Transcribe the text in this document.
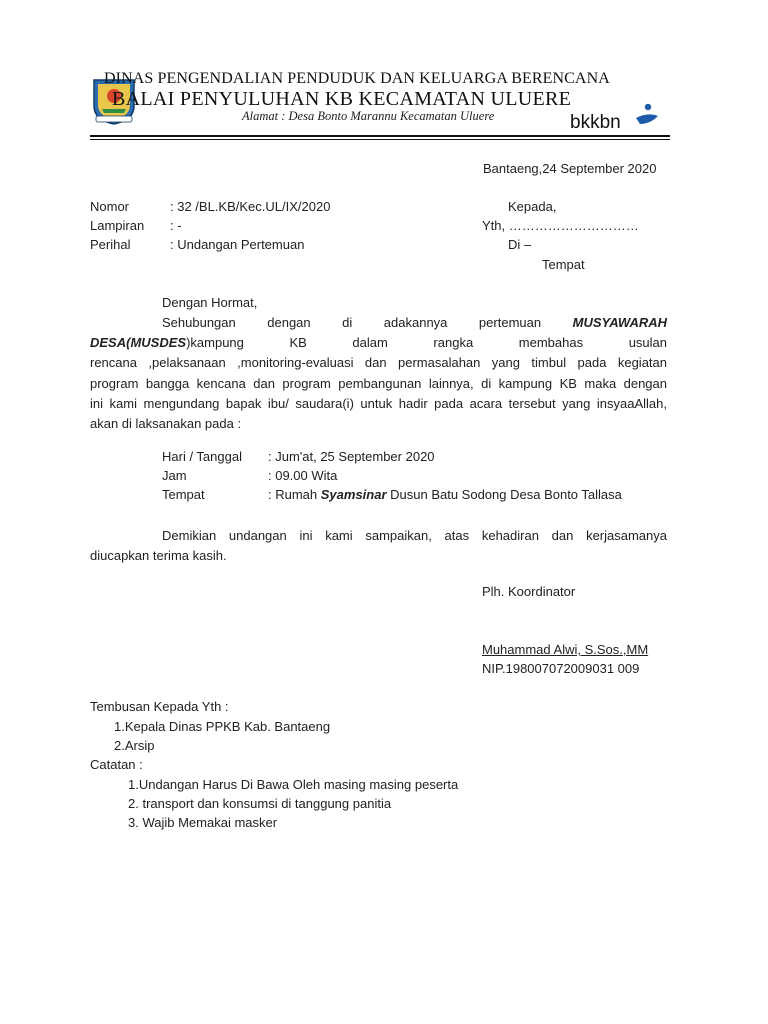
DINAS PENGENDALIAN PENDUDUK DAN KELUARGA BERENCANA
BALAI PENYULUHAN KB KECAMATAN ULUERE
Alamat : Desa Bonto Marannu Kecamatan Uluere	bkkbn
Bantaeng,24 September 2020
Nomor	: 32 /BL.KB/Kec.UL/IX/2020
Lampiran : -
Perihal	: Undangan Pertemuan
Kepada,
Yth, …………………………
Di –
Tempat
Dengan Hormat,
Sehubungan dengan di adakannya pertemuan MUSYAWARAH
DESA(MUSDES)kampung KB dalam rangka membahas usulan
rencana ,pelaksanaan ,monitoring-evaluasi dan permasalahan yang timbul pada kegiatan
program bangga kencana dan program pembangunan lainnya, di kampung KB maka dengan
ini kami mengundang bapak ibu/ saudara(i) untuk hadir pada acara tersebut yang insyaaAllah,
akan di laksanakan pada :
Hari / Tanggal : Jum'at, 25 September 2020
Jam	: 09.00 Wita
Tempat	: Rumah Syamsinar Dusun Batu Sodong Desa Bonto Tallasa
Demikian undangan ini kami sampaikan, atas kehadiran dan kerjasamanya
diucapkan terima kasih.
Plh. Koordinator
Muhammad Alwi, S.Sos.,MM
NIP.198007072009031 009
Tembusan Kepada Yth :
1.Kepala Dinas PPKB Kab. Bantaeng
2.Arsip
Catatan :
1.Undangan Harus Di Bawa Oleh masing masing peserta
2. transport dan konsumsi di tanggung panitia
3. Wajib Memakai masker
